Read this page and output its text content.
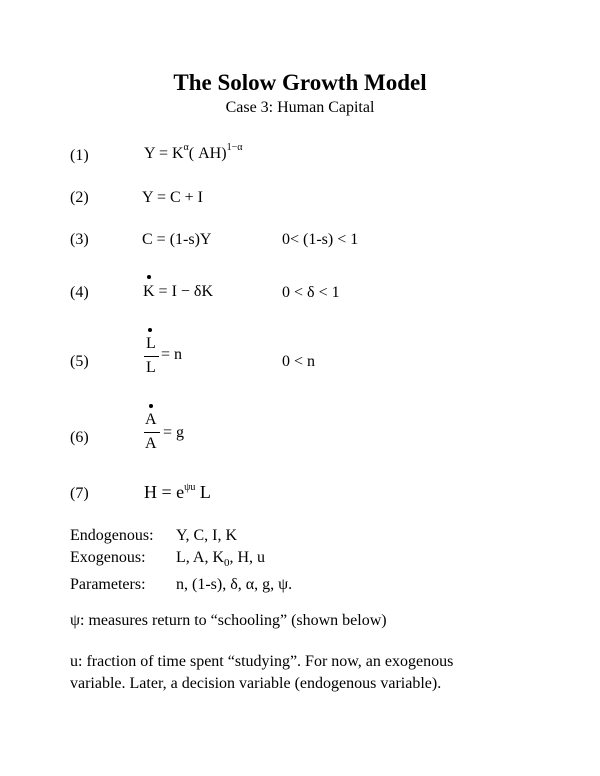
The Solow Growth Model
Case 3: Human Capital
(1)	$Y = K^\alpha$( AH)$^{1-\alpha}$
(2)	Y = C + I
(3)	C = (1-s)Y	0< (1-s) < 1
(4)	K = I − δK	0 < δ < 1
(5)
L
L
= n	0 < n
(6)
A
A
= g
(7)	$H = e^{\psi u}$ L
Endogenous: Y, C, I, K
Exogenous: L, A, $K_0$, H, u
Parameters: n, (1-s), δ, α, g, ψ.
ψ: measures return to “schooling” (shown below)
u: fraction of time spent “studying”. For now, an exogenous
variable. Later, a decision variable (endogenous variable).
